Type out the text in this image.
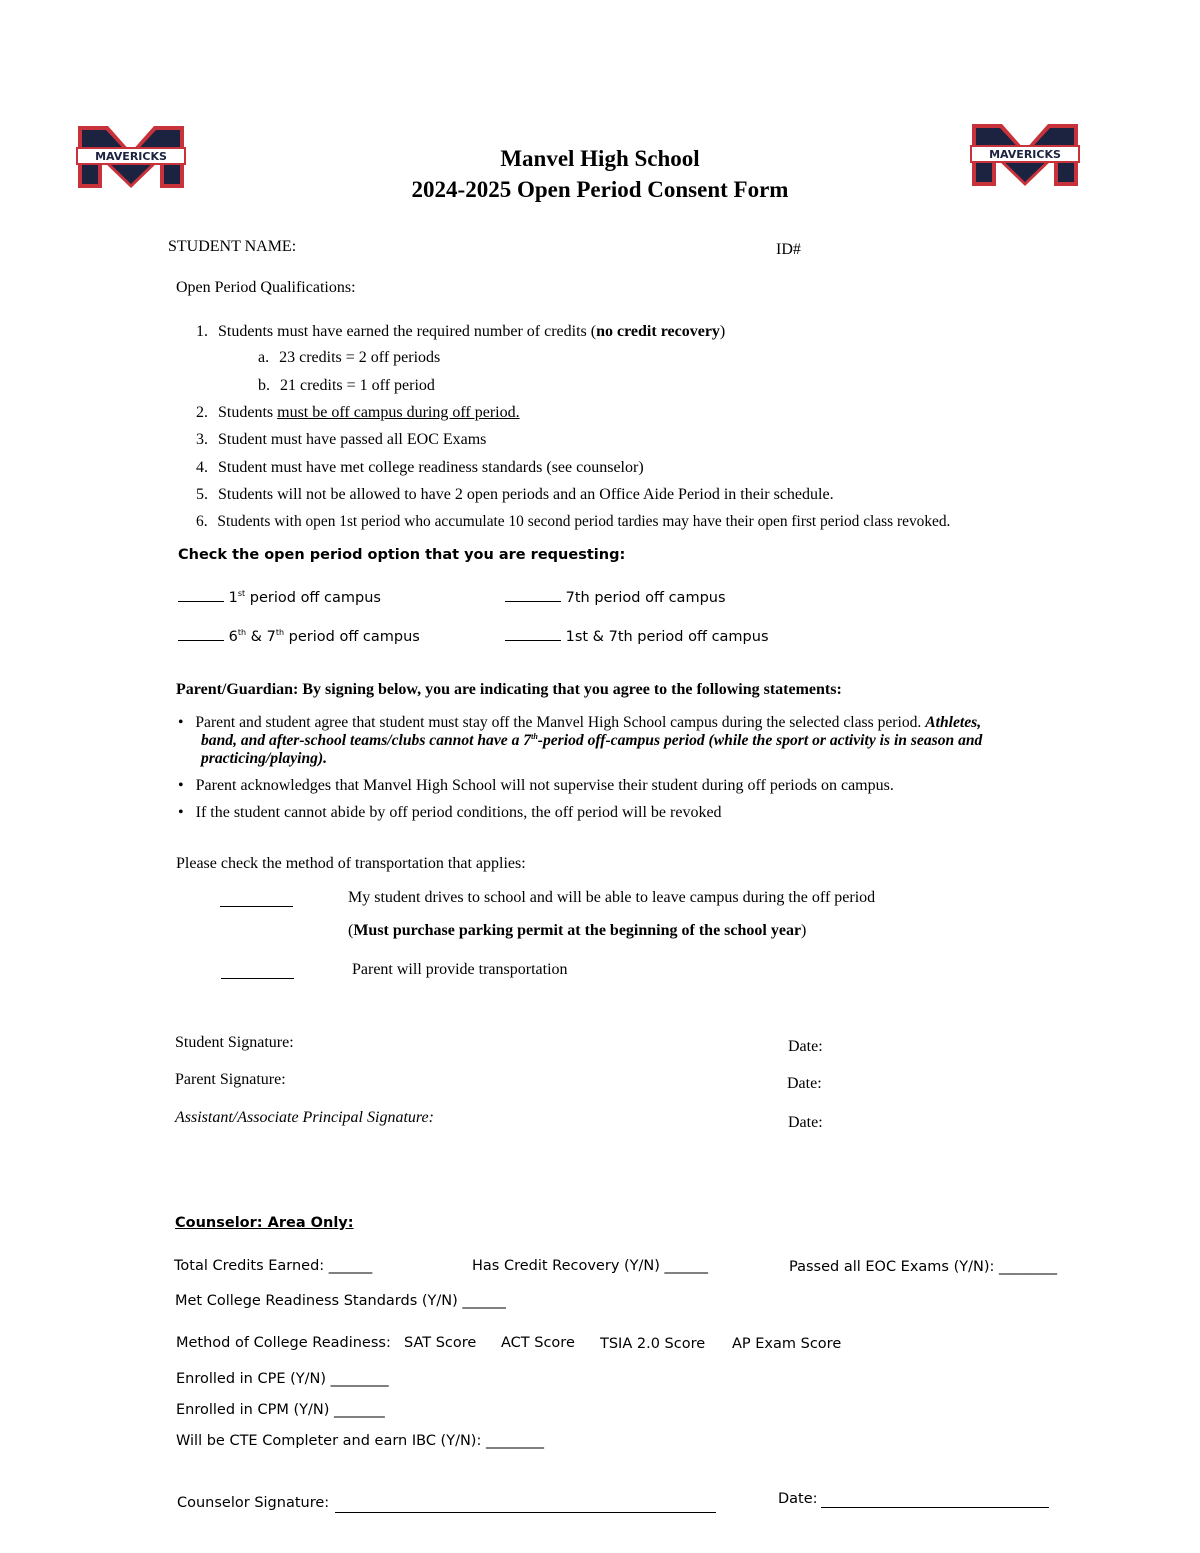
MAVERICKS	MAVERICKS
Manvel High School
2024-2025 Open Period Consent Form
STUDENT NAME:	ID#
Open Period Qualifications:
1. Students must have earned the required number of credits (no credit recovery)
a. 23 credits = 2 off periods
b. 21 credits = 1 off period
2. Students must be off campus during off period.
3. Student must have passed all EOC Exams
4. Student must have met college readiness standards (see counselor)
5. Students will not be allowed to have 2 open periods and an Office Aide Period in their schedule.
6. Students with open 1st period who accumulate 10 second period tardies may have their open first period class revoked.
Check the open period option that you are requesting:
1st period off campus	7th period off campus
6th & 7th period off campus	1st & 7th period off campus
Parent/Guardian: By signing below, you are indicating that you agree to the following statements:
• Parent and student agree that student must stay off the Manvel High School campus during the selected class period. Athletes,
band, and after-school teams/clubs cannot have a 7th-period off-campus period (while the sport or activity is in season and
practicing/playing).
• Parent acknowledges that Manvel High School will not supervise their student during off periods on campus.
• If the student cannot abide by off period conditions, the off period will be revoked
Please check the method of transportation that applies:
My student drives to school and will be able to leave campus during the off period
(Must purchase parking permit at the beginning of the school year)
Parent will provide transportation
Student Signature:	Date:
Parent Signature:	Date:
Assistant/Associate Principal Signature:	Date:
Counselor: Area Only:
Total Credits Earned: ______	Has Credit Recovery (Y/N) ______	Passed all EOC Exams (Y/N): ________
Met College Readiness Standards (Y/N) ______
Method of College Readiness: SAT Score ACT Score TSIA 2.0 Score AP Exam Score
Enrolled in CPE (Y/N) ________
Enrolled in CPM (Y/N) _______
Will be CTE Completer and earn IBC (Y/N): ________
Counselor Signature:	Date:
